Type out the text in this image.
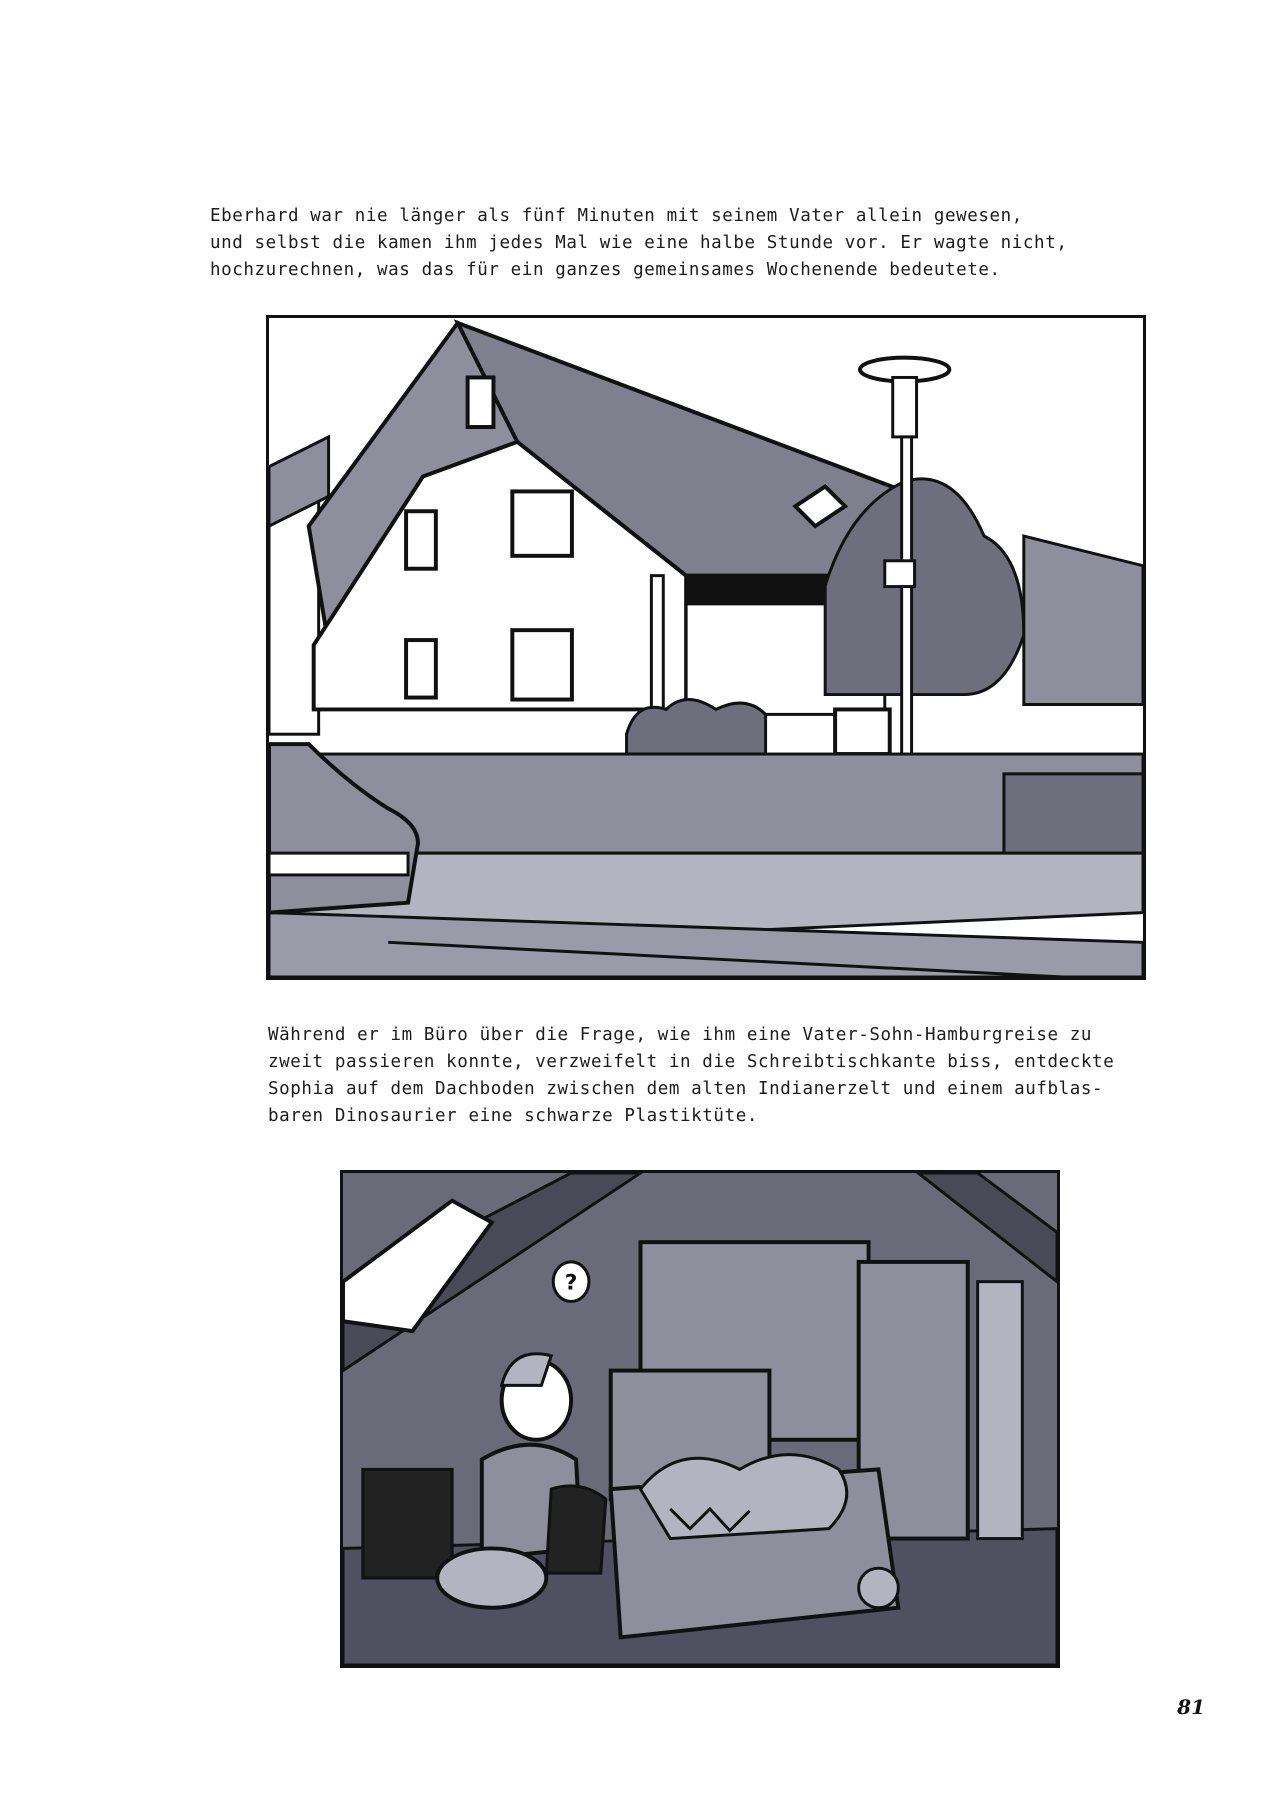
Eberhard war nie länger als fünf Minuten mit seinem Vater allein gewesen,
und selbst die kamen ihm jedes Mal wie eine halbe Stunde vor. Er wagte nicht,
hochzurechnen, was das für ein ganzes gemeinsames Wochenende bedeutete.
Während er im Büro über die Frage, wie ihm eine Vater-Sohn-Hamburgreise zu
zweit passieren konnte, verzweifelt in die Schreibtischkante biss, entdeckte
Sophia auf dem Dachboden zwischen dem alten Indianerzelt und einem aufblas-
baren Dinosaurier eine schwarze Plastiktüte.
?
81
